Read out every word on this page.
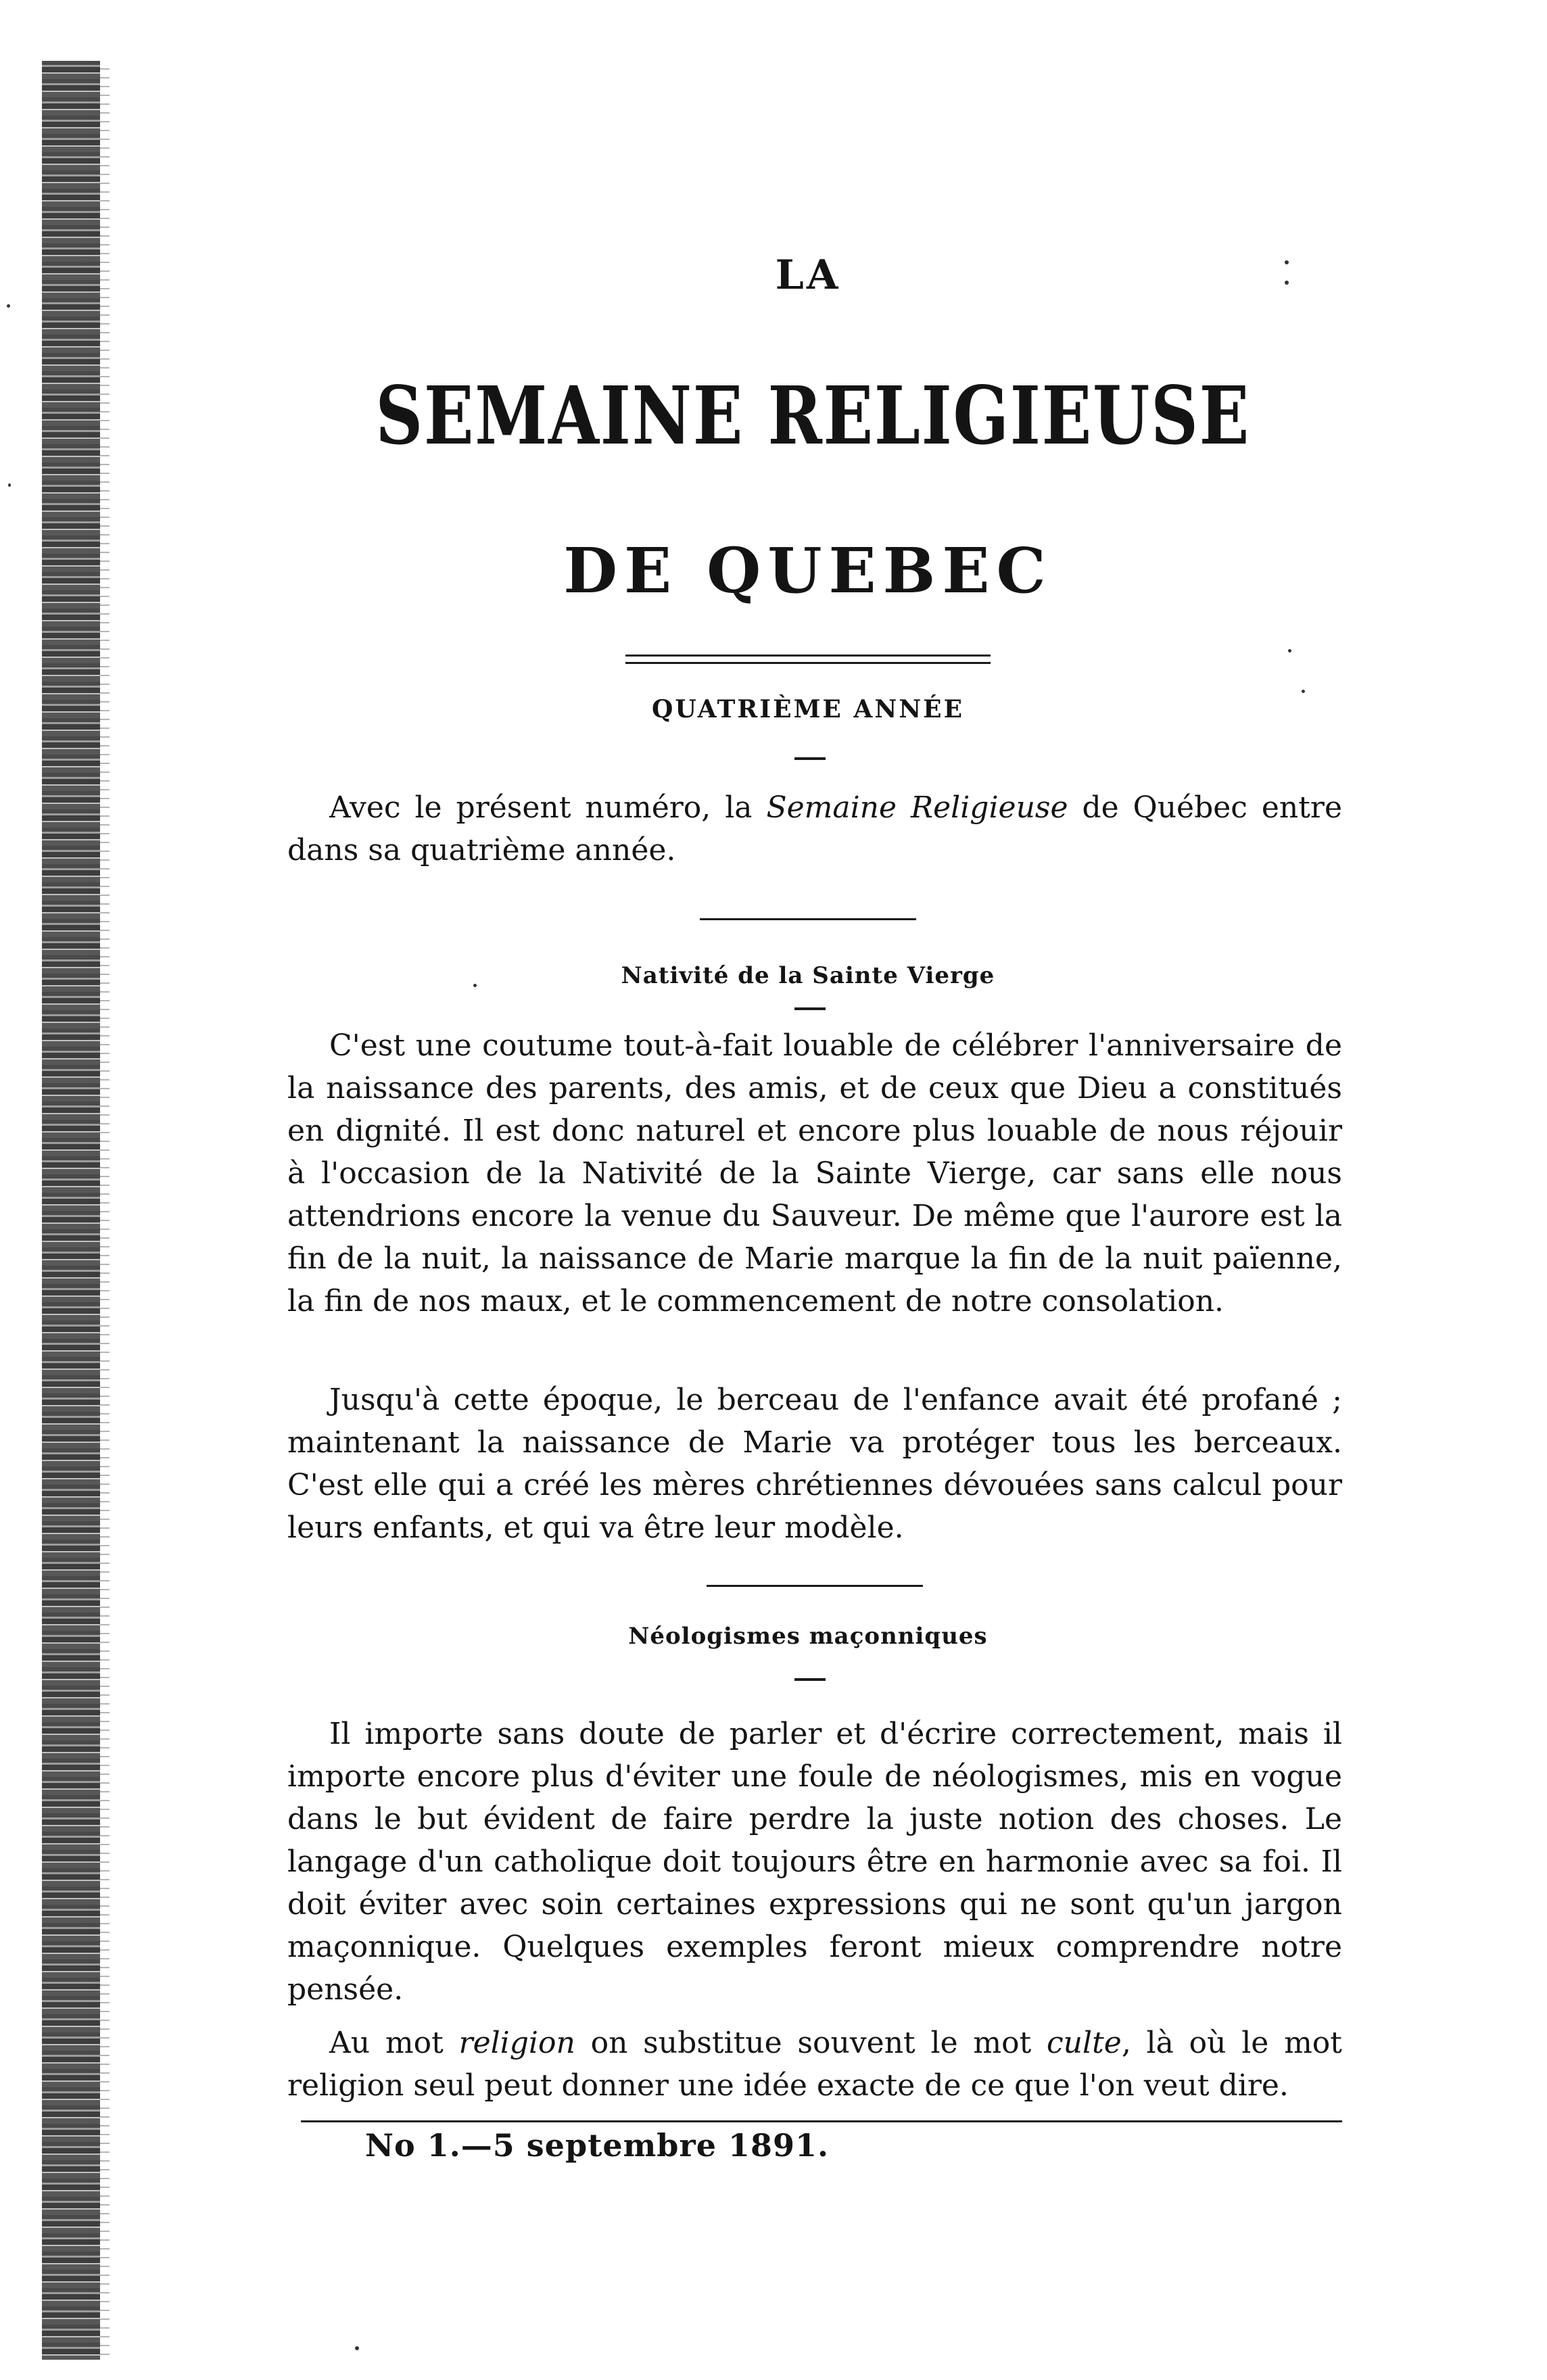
LA
SEMAINE RELIGIEUSE
DE QUEBEC
QUATRIÈME ANNÉE

Avec le présent numéro, la Semaine Religieuse de Québec entre dans sa quatrième année.

Nativité de la Sainte Vierge

C'est une coutume tout-à-fait louable de célébrer l'anniversaire de la naissance des parents, des amis, et de ceux que Dieu a constitués en dignité. Il est donc naturel et encore plus louable de nous réjouir à l'occasion de la Nativité de la Sainte Vierge, car sans elle nous attendrions encore la venue du Sauveur. De même que l'aurore est la fin de la nuit, la naissance de Marie marque la fin de la nuit païenne, la fin de nos maux, et le commencement de notre consolation.

Jusqu'à cette époque, le berceau de l'enfance avait été profané ; maintenant la naissance de Marie va protéger tous les berceaux. C'est elle qui a créé les mères chrétiennes dévouées sans calcul pour leurs enfants, et qui va être leur modèle.

Néologismes maçonniques

Il importe sans doute de parler et d'écrire correctement, mais il importe encore plus d'éviter une foule de néologismes, mis en vogue dans le but évident de faire perdre la juste notion des choses. Le langage d'un catholique doit toujours être en harmonie avec sa foi. Il doit éviter avec soin certaines expressions qui ne sont qu'un jargon maçonnique. Quelques exemples feront mieux comprendre notre pensée.

Au mot religion on substitue souvent le mot culte, là où le mot religion seul peut donner une idée exacte de ce que l'on veut dire.

No 1.—5 septembre 1891.
